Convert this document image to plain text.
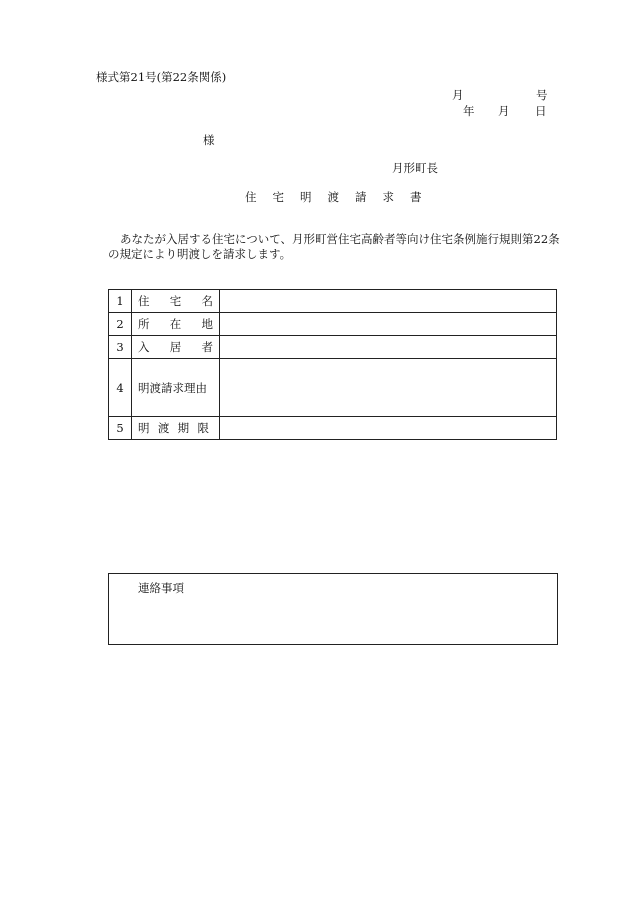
様式第21号(第22条関係)
月	号
年 月 日
様
月形町長
住宅明渡請求書
あなたが入居する住宅について、月形町営住宅高齢者等向け住宅条例施行規則第22条
の規定により明渡しを請求します。
1	住 宅 名	

2	所 在 地	

3	入 居 者	

4	明渡請求理由	
5	明 渡 期 限	

連絡事項
